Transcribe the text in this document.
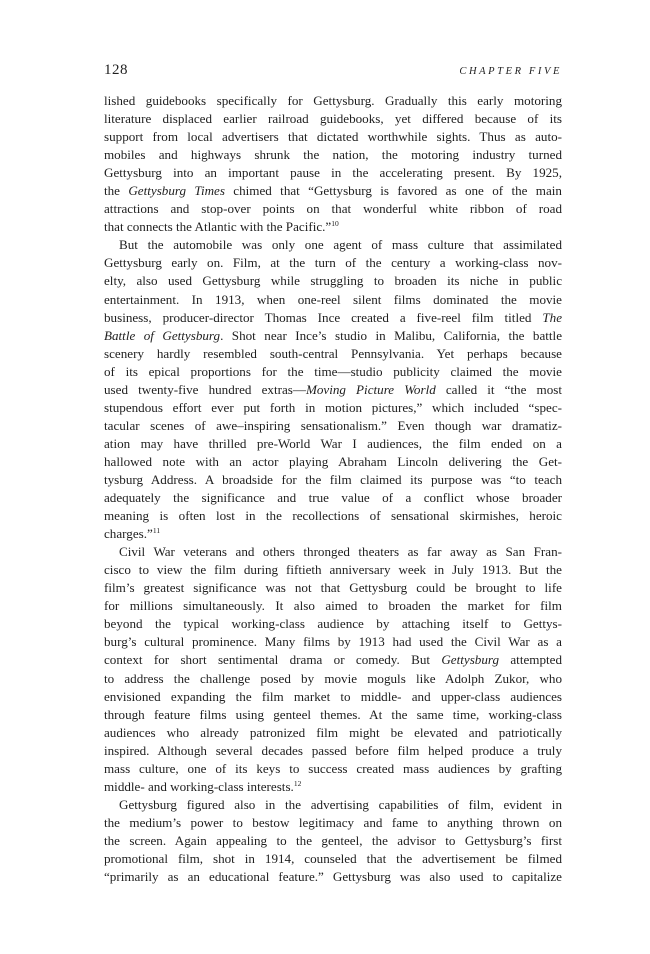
128	CHAPTER FIVE
lished guidebooks specifically for Gettysburg. Gradually this early motoring
literature displaced earlier railroad guidebooks, yet differed because of its
support from local advertisers that dictated worthwhile sights. Thus as auto-
mobiles and highways shrunk the nation, the motoring industry turned
Gettysburg into an important pause in the accelerating present. By 1925,
the Gettysburg Times chimed that “Gettysburg is favored as one of the main
attractions and stop-over points on that wonderful white ribbon of road
that connects the Atlantic with the Pacific.”$^{10}$
But the automobile was only one agent of mass culture that assimilated
Gettysburg early on. Film, at the turn of the century a working-class nov-
elty, also used Gettysburg while struggling to broaden its niche in public
entertainment. In 1913, when one-reel silent films dominated the movie
business, producer-director Thomas Ince created a five-reel film titled The
Battle of Gettysburg. Shot near Ince’s studio in Malibu, California, the battle
scenery hardly resembled south-central Pennsylvania. Yet perhaps because
of its epical proportions for the time—studio publicity claimed the movie
used twenty-five hundred extras—Moving Picture World called it “the most
stupendous effort ever put forth in motion pictures,” which included “spec-
tacular scenes of awe–inspiring sensationalism.” Even though war dramatiz-
ation may have thrilled pre-World War I audiences, the film ended on a
hallowed note with an actor playing Abraham Lincoln delivering the Get-
tysburg Address. A broadside for the film claimed its purpose was “to teach
adequately the significance and true value of a conflict whose broader
meaning is often lost in the recollections of sensational skirmishes, heroic
charges.”$^{11}$
Civil War veterans and others thronged theaters as far away as San Fran-
cisco to view the film during fiftieth anniversary week in July 1913. But the
film’s greatest significance was not that Gettysburg could be brought to life
for millions simultaneously. It also aimed to broaden the market for film
beyond the typical working-class audience by attaching itself to Gettys-
burg’s cultural prominence. Many films by 1913 had used the Civil War as a
context for short sentimental drama or comedy. But Gettysburg attempted
to address the challenge posed by movie moguls like Adolph Zukor, who
envisioned expanding the film market to middle- and upper-class audiences
through feature films using genteel themes. At the same time, working-class
audiences who already patronized film might be elevated and patriotically
inspired. Although several decades passed before film helped produce a truly
mass culture, one of its keys to success created mass audiences by grafting
middle- and working-class interests.$^{12}$
Gettysburg figured also in the advertising capabilities of film, evident in
the medium’s power to bestow legitimacy and fame to anything thrown on
the screen. Again appealing to the genteel, the advisor to Gettysburg’s first
promotional film, shot in 1914, counseled that the advertisement be filmed
“primarily as an educational feature.” Gettysburg was also used to capitalize
